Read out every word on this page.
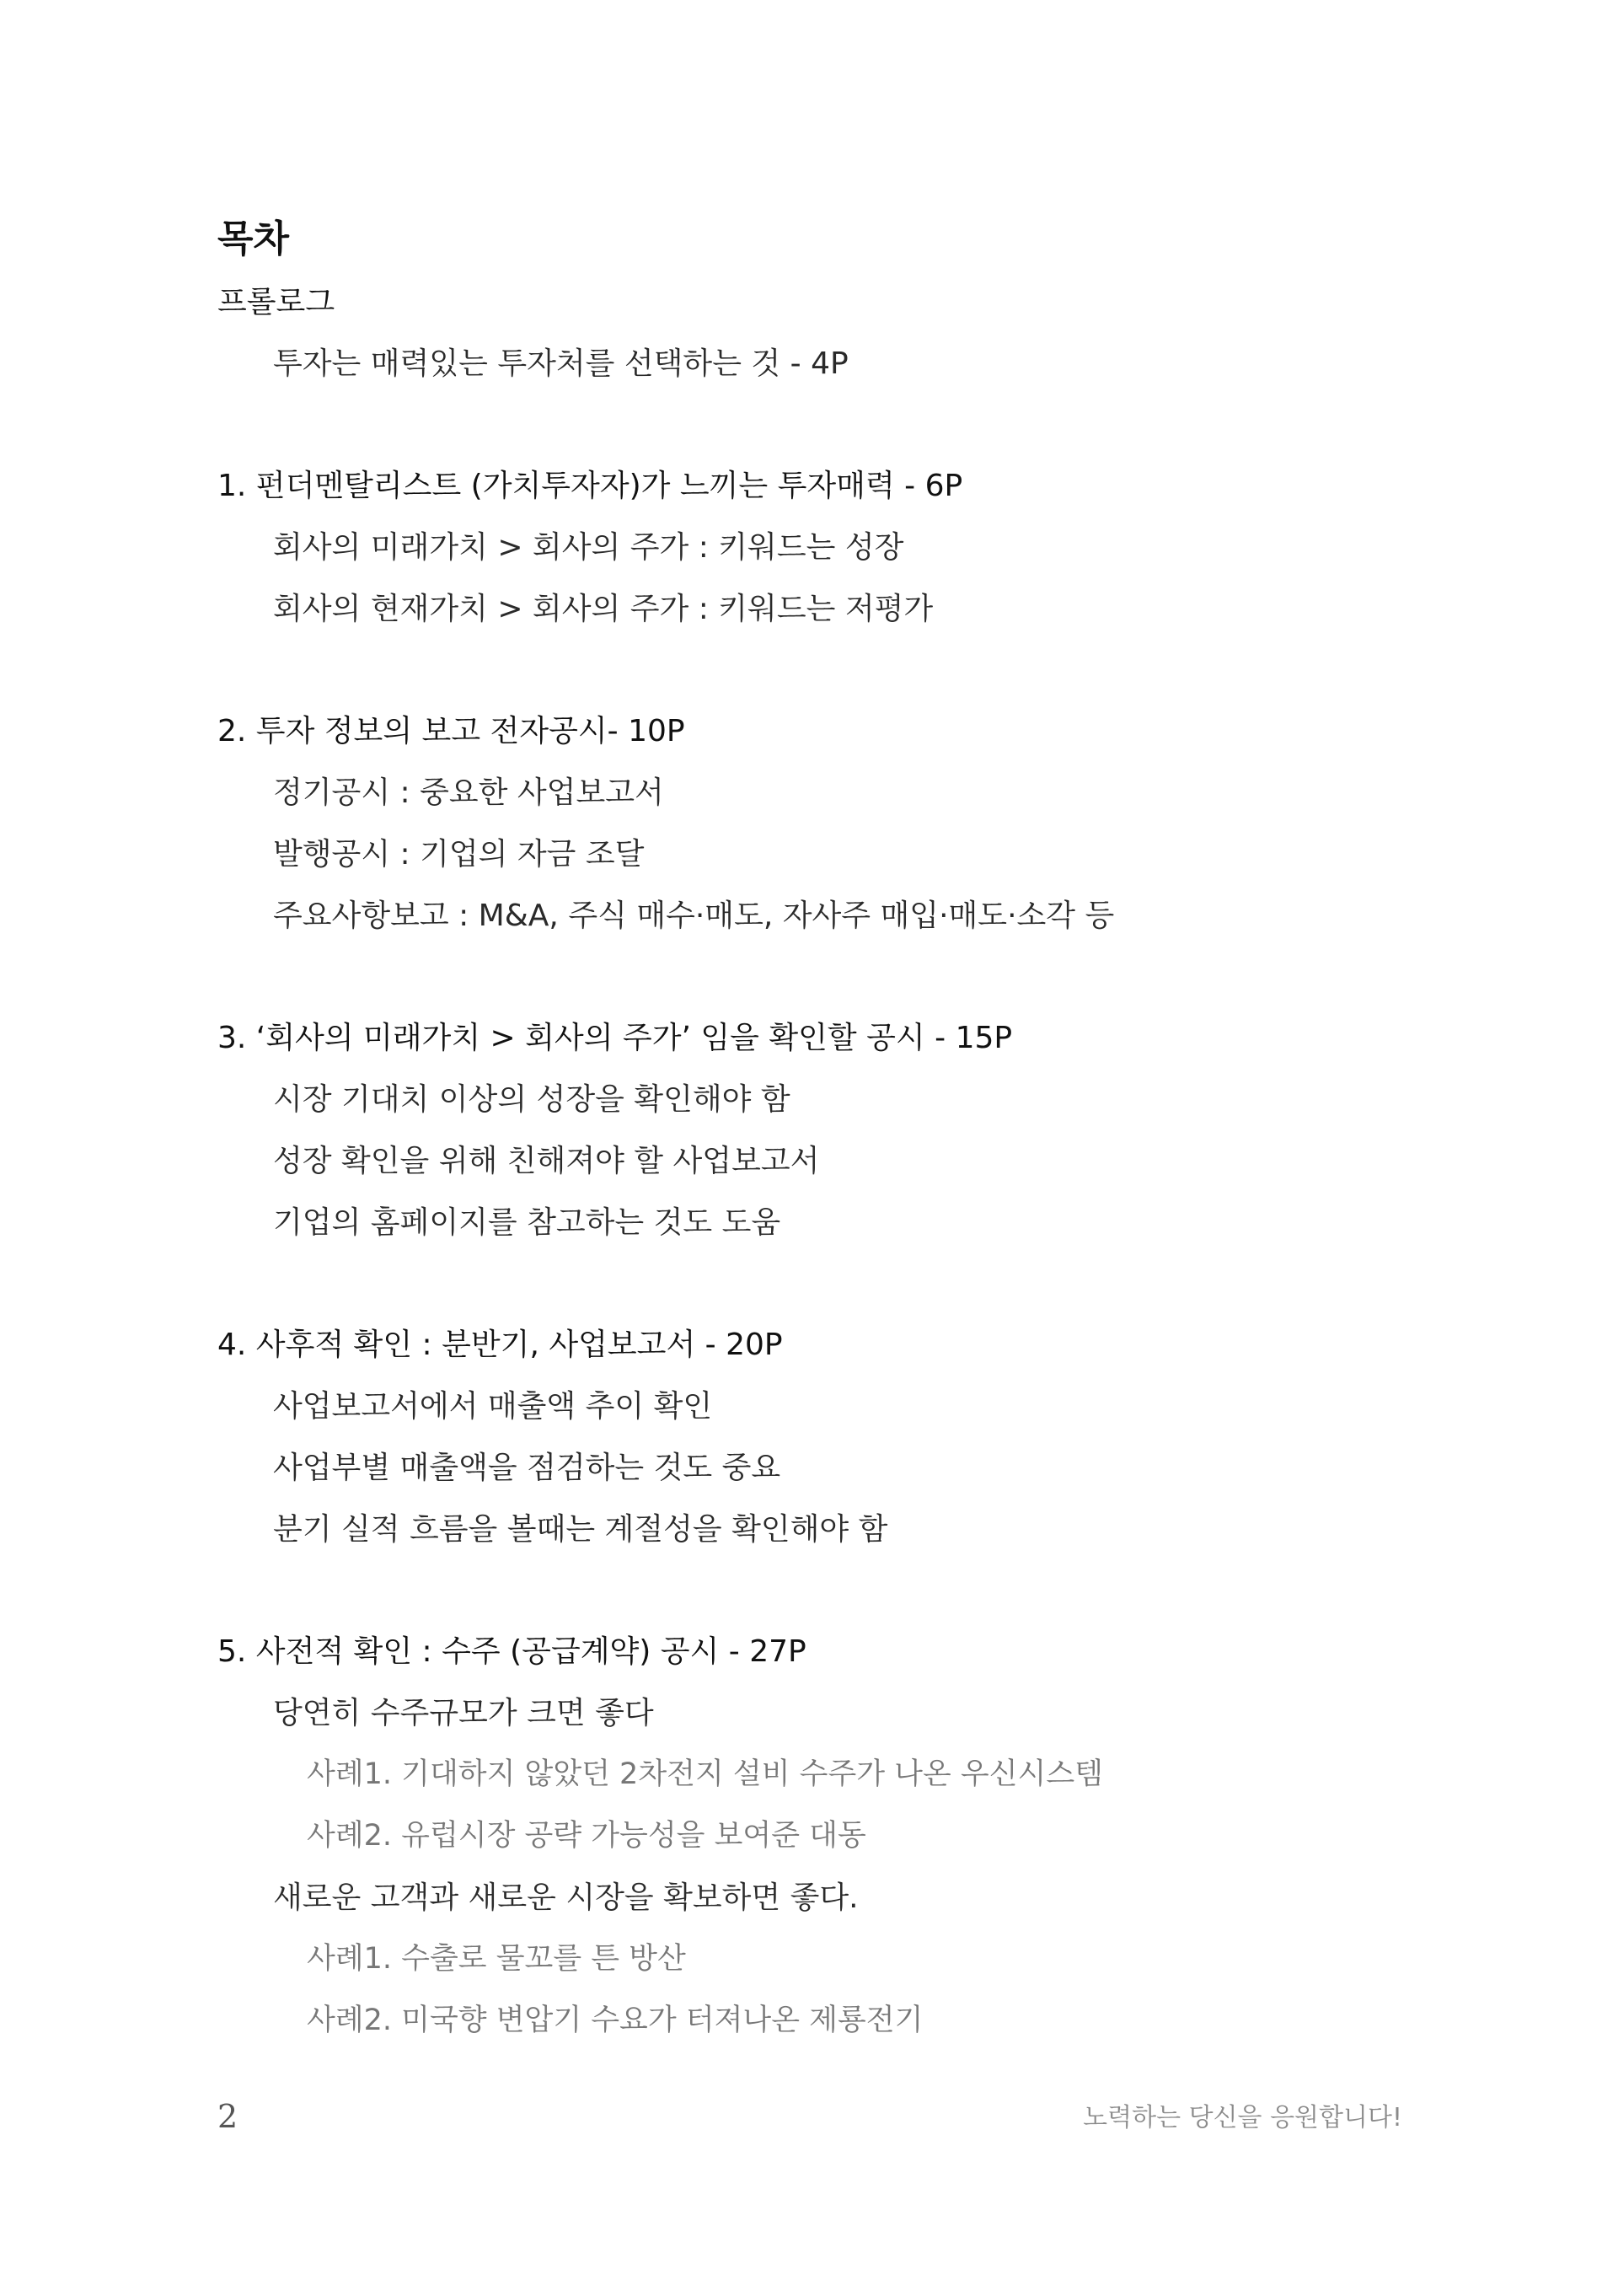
목차
프롤로그
투자는 매력있는 투자처를 선택하는 것 - 4P
1. 펀더멘탈리스트 (가치투자자)가 느끼는 투자매력 - 6P
회사의 미래가치 > 회사의 주가 : 키워드는 성장
회사의 현재가치 > 회사의 주가 : 키워드는 저평가
2. 투자 정보의 보고 전자공시- 10P
정기공시 : 중요한 사업보고서
발행공시 : 기업의 자금 조달
주요사항보고 : M&A, 주식 매수·매도, 자사주 매입·매도·소각 등
3. ‘회사의 미래가치 > 회사의 주가’ 임을 확인할 공시 - 15P
시장 기대치 이상의 성장을 확인해야 함
성장 확인을 위해 친해져야 할 사업보고서
기업의 홈페이지를 참고하는 것도 도움
4. 사후적 확인 : 분반기, 사업보고서 - 20P
사업보고서에서 매출액 추이 확인
사업부별 매출액을 점검하는 것도 중요
분기 실적 흐름을 볼때는 계절성을 확인해야 함
5. 사전적 확인 : 수주 (공급계약) 공시 - 27P
당연히 수주규모가 크면 좋다
사례1. 기대하지 않았던 2차전지 설비 수주가 나온 우신시스템
사례2. 유럽시장 공략 가능성을 보여준 대동
새로운 고객과 새로운 시장을 확보하면 좋다.
사례1. 수출로 물꼬를 튼 방산
사례2. 미국향 변압기 수요가 터져나온 제룡전기
2	노력하는 당신을 응원합니다!
